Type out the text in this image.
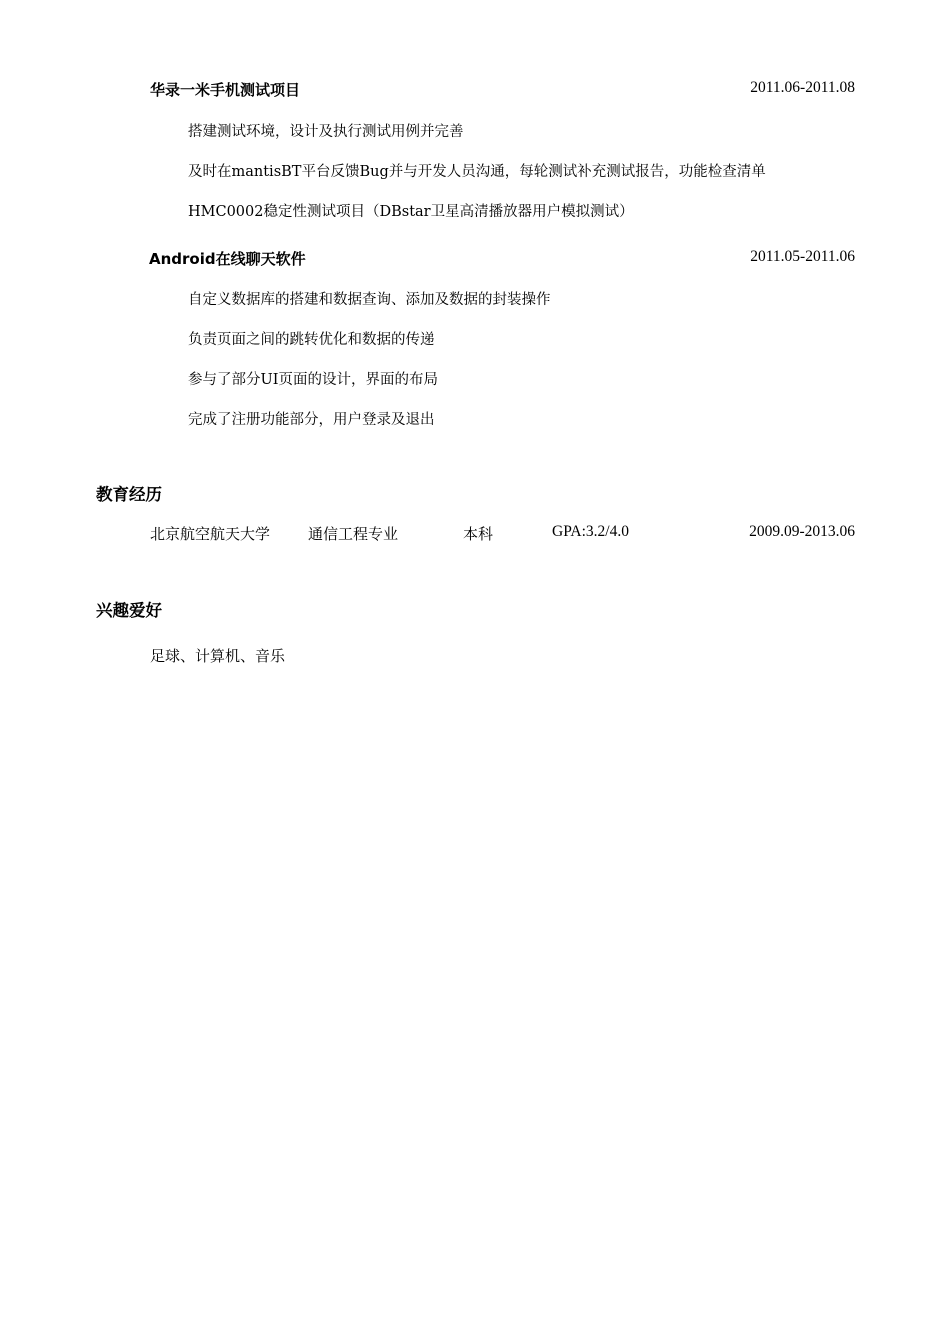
华录一米手机测试项目	2011.06-2011.08
搭建测试环境，设计及执行测试用例并完善
及时在mantisBT平台反馈Bug并与开发人员沟通，每轮测试补充测试报告，功能检查清单
HMC0002稳定性测试项目（DBstar卫星高清播放器用户模拟测试）
Android在线聊天软件	2011.05-2011.06
自定义数据库的搭建和数据查询、添加及数据的封装操作
负责页面之间的跳转优化和数据的传递
参与了部分UI页面的设计，界面的布局
完成了注册功能部分，用户登录及退出
教育经历
北京航空航天大学	通信工程专业	本科	GPA:3.2/4.0	2009.09-2013.06
兴趣爱好
足球、计算机、音乐
